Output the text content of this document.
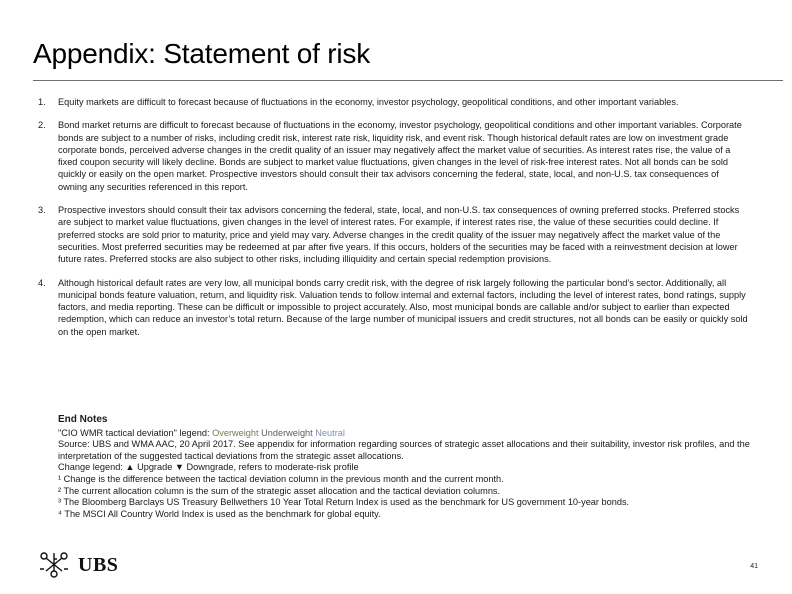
Appendix: Statement of risk
1. Equity markets are difficult to forecast because of fluctuations in the economy, investor psychology, geopolitical conditions, and other important variables.
2. Bond market returns are difficult to forecast because of fluctuations in the economy, investor psychology, geopolitical conditions and other important variables. Corporate bonds are subject to a number of risks, including credit risk, interest rate risk, liquidity risk, and event risk. Though historical default rates are low on investment grade corporate bonds, perceived adverse changes in the credit quality of an issuer may negatively affect the market value of securities. As interest rates rise, the value of a fixed coupon security will likely decline. Bonds are subject to market value fluctuations, given changes in the level of risk-free interest rates. Not all bonds can be sold quickly or easily on the open market. Prospective investors should consult their tax advisors concerning the federal, state, local, and non-U.S. tax consequences of owning any securities referenced in this report.
3. Prospective investors should consult their tax advisors concerning the federal, state, local, and non-U.S. tax consequences of owning preferred stocks. Preferred stocks are subject to market value fluctuations, given changes in the level of interest rates. For example, if interest rates rise, the value of these securities could decline. If preferred stocks are sold prior to maturity, price and yield may vary. Adverse changes in the credit quality of the issuer may negatively affect the market value of the securities. Most preferred securities may be redeemed at par after five years. If this occurs, holders of the securities may be faced with a reinvestment decision at lower future rates. Preferred stocks are also subject to other risks, including illiquidity and certain special redemption provisions.
4. Although historical default rates are very low, all municipal bonds carry credit risk, with the degree of risk largely following the particular bond’s sector. Additionally, all municipal bonds feature valuation, return, and liquidity risk. Valuation tends to follow internal and external factors, including the level of interest rates, bond ratings, supply factors, and media reporting. These can be difficult or impossible to project accurately. Also, most municipal bonds are callable and/or subject to earlier than expected redemption, which can reduce an investor’s total return. Because of the large number of municipal issuers and credit structures, not all bonds can be easily or quickly sold on the open market.
End Notes
"CIO WMR tactical deviation" legend: Overweight Underweight Neutral
Source: UBS and WMA AAC, 20 April 2017. See appendix for information regarding sources of strategic asset allocations and their suitability, investor risk profiles, and the interpretation of the suggested tactical deviations from the strategic asset allocations.
Change legend: ▲ Upgrade ▼ Downgrade, refers to moderate-risk profile
¹ Change is the difference between the tactical deviation column in the previous month and the current month.
² The current allocation column is the sum of the strategic asset allocation and the tactical deviation columns.
³ The Bloomberg Barclays US Treasury Bellwethers 10 Year Total Return Index is used as the benchmark for US government 10-year bonds.
⁴ The MSCI All Country World Index is used as the benchmark for global equity.
UBS	41
